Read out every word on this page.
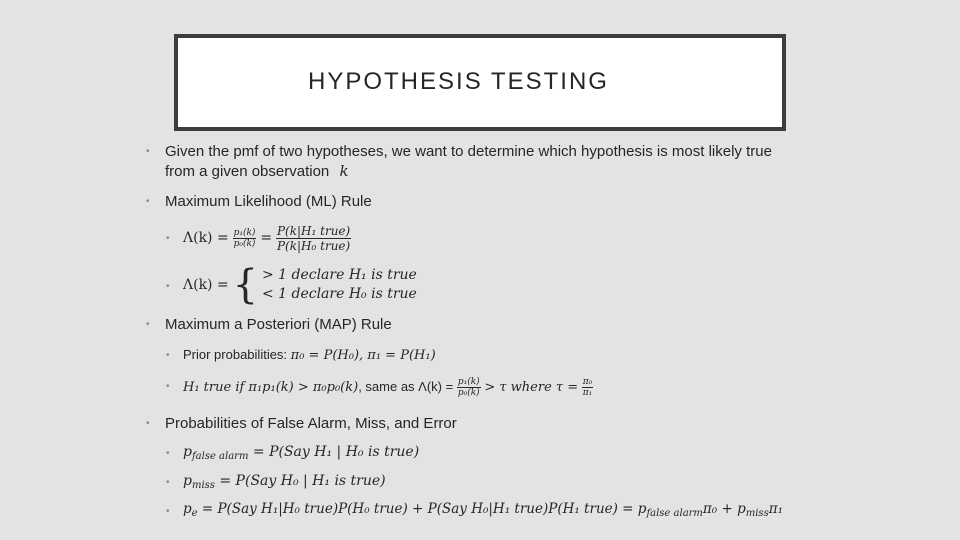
HYPOTHESIS TESTING
• Given the pmf of two hypotheses, we want to determine which hypothesis is most likely true
from a given observation k
• Maximum Likelihood (ML) Rule
• $\Lambda(k) = \frac{\text{p₁(k)}}{\text{p₀(k)}} = \frac{\text{P(k|H₁ true)}}{\text{P(k|H₀ true)}}$
• Λ(k) = { > 1 declare H₁ is true
< 1 declare H₀ is true
• Maximum a Posteriori (MAP) Rule
• Prior probabilities: π₀ = P(H₀), π₁ = P(H₁)
• H₁ true if π₁p₁(k) > π₀p₀(k), same as $\Lambda(k) = \frac{\text{p₁(k)}}{\text{p₀(k)}} > \tau$ where $\tau = \frac{\text{π₀}}{\text{π₁}}$
• Probabilities of False Alarm, Miss, and Error
• $p_{false alarm} = P(Say$ H₁ | H₀ is true)
• $p_{miss} = P(Say$ H₀ | H₁ is true)
• $p_e = P(Say$ H₁|H₀ true)P(H₀ true) + P(Say H₀|H₁ true)P(H₁ true) = $p_{false alarm}\pi_0 + p_{miss}\pi_1$
